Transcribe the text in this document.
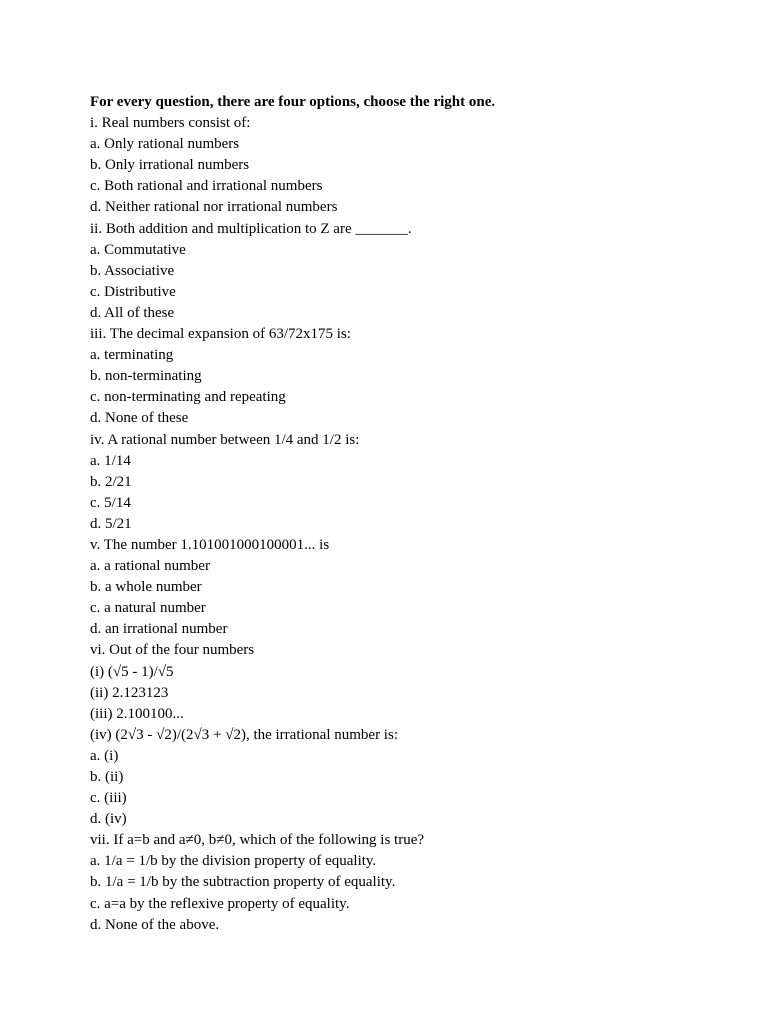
For every question, there are four options, choose the right one.
i. Real numbers consist of:
a. Only rational numbers
b. Only irrational numbers
c. Both rational and irrational numbers
d. Neither rational nor irrational numbers
ii. Both addition and multiplication to Z are _______.
a. Commutative
b. Associative
c. Distributive
d. All of these
iii. The decimal expansion of 63/72x175 is:
a. terminating
b. non-terminating
c. non-terminating and repeating
d. None of these
iv. A rational number between 1/4 and 1/2 is:
a. 1/14
b. 2/21
c. 5/14
d. 5/21
v. The number 1.101001000100001... is
a. a rational number
b. a whole number
c. a natural number
d. an irrational number
vi. Out of the four numbers
(i) (√5 - 1)/√5
(ii) 2.123123
(iii) 2.100100...
(iv) (2√3 - √2)/(2√3 + √2), the irrational number is:
a. (i)
b. (ii)
c. (iii)
d. (iv)
vii. If a=b and a≠0, b≠0, which of the following is true?
a. 1/a = 1/b by the division property of equality.
b. 1/a = 1/b by the subtraction property of equality.
c. a=a by the reflexive property of equality.
d. None of the above.
